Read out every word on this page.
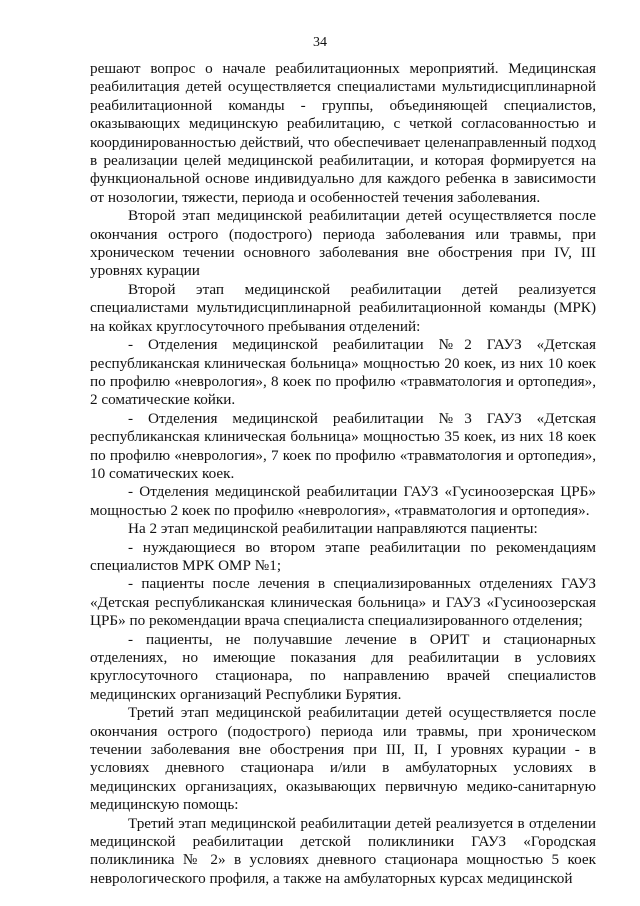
34

решают вопрос о начале реабилитационных мероприятий. Медицинская реабилитация детей осуществляется специалистами мультидисциплинарной реабилитационной команды - группы, объединяющей специалистов, оказывающих медицинскую реабилитацию, с четкой согласованностью и координированностью действий, что обеспечивает целенаправленный подход в реализации целей медицинской реабилитации, и которая формируется на функциональной основе индивидуально для каждого ребенка в зависимости от нозологии, тяжести, периода и особенностей течения заболевания.

Второй этап медицинской реабилитации детей осуществляется после окончания острого (подострого) периода заболевания или травмы, при хроническом течении основного заболевания вне обострения при IV, III уровнях курации

Второй этап медицинской реабилитации детей реализуется специалистами мультидисциплинарной реабилитационной команды (МРК) на койках круглосуточного пребывания отделений:

- Отделения медицинской реабилитации №2 ГАУЗ «Детская республиканская клиническая больница» мощностью 20 коек, из них 10 коек по профилю «неврология», 8 коек по профилю «травматология и ортопедия», 2 соматические койки.

- Отделения медицинской реабилитации №3 ГАУЗ «Детская республиканская клиническая больница» мощностью 35 коек, из них 18 коек по профилю «неврология», 7 коек по профилю «травматология и ортопедия», 10 соматических коек.

- Отделения медицинской реабилитации ГАУЗ «Гусиноозерская ЦРБ» мощностью 2 коек по профилю «неврология», «травматология и ортопедия».

На 2 этап медицинской реабилитации направляются пациенты:

- нуждающиеся во втором этапе реабилитации по рекомендациям специалистов МРК ОМР №1;

- пациенты после лечения в специализированных отделениях ГАУЗ «Детская республиканская клиническая больница» и ГАУЗ «Гусиноозерская ЦРБ» по рекомендации врача специалиста специализированного отделения;

- пациенты, не получавшие лечение в ОРИТ и стационарных отделениях, но имеющие показания для реабилитации в условиях круглосуточного стационара, по направлению врачей специалистов медицинских организаций Республики Бурятия.

Третий этап медицинской реабилитации детей осуществляется после окончания острого (подострого) периода или травмы, при хроническом течении заболевания вне обострения при III, II, I уровнях курации - в условиях дневного стационара и/или в амбулаторных условиях в медицинских организациях, оказывающих первичную медико-санитарную медицинскую помощь:

Третий этап медицинской реабилитации детей реализуется в отделении медицинской реабилитации детской поликлиники ГАУЗ «Городская поликлиника № 2» в условиях дневного стационара мощностью 5 коек неврологического профиля, а также на амбулаторных курсах медицинской
